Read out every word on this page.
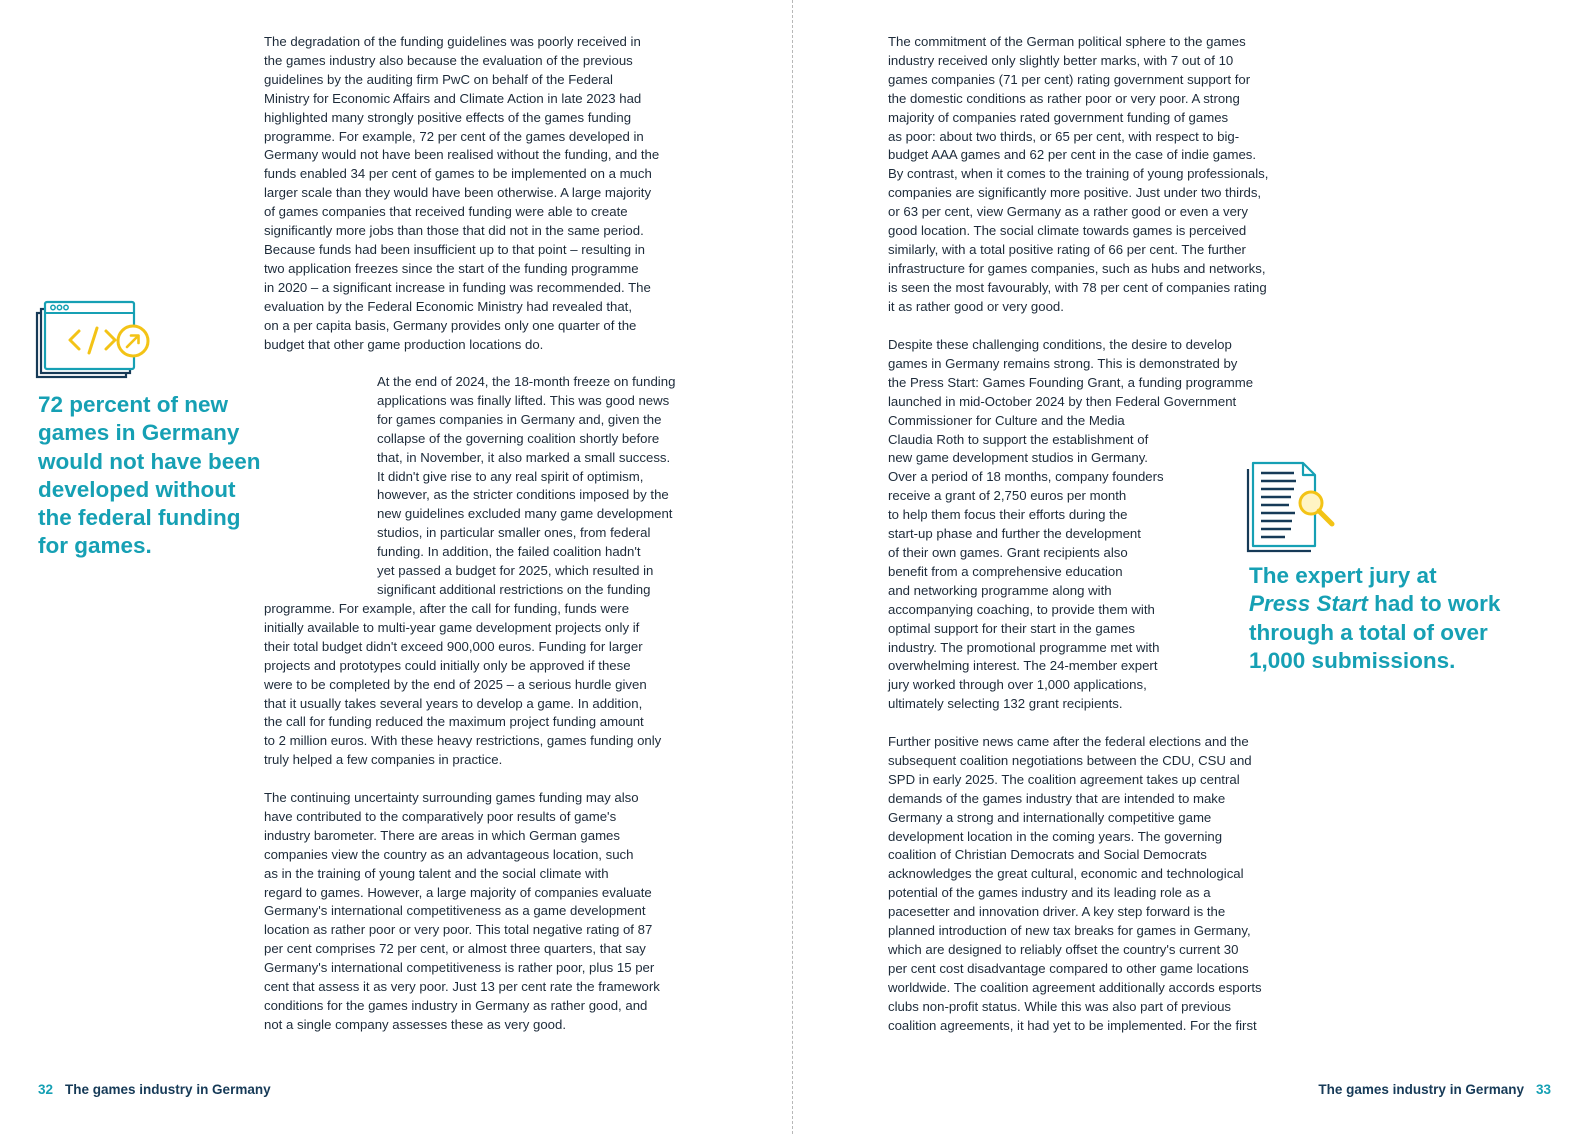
The degradation of the funding guidelines was poorly received in
the games industry also because the evaluation of the previous
guidelines by the auditing firm PwC on behalf of the Federal
Ministry for Economic Affairs and Climate Action in late 2023 had
highlighted many strongly positive effects of the games funding
programme. For example, 72 per cent of the games developed in
Germany would not have been realised without the funding, and the
funds enabled 34 per cent of games to be implemented on a much
larger scale than they would have been otherwise. A large majority
of games companies that received funding were able to create
significantly more jobs than those that did not in the same period.
Because funds had been insufficient up to that point – resulting in
two application freezes since the start of the funding programme
in 2020 – a significant increase in funding was recommended. The
evaluation by the Federal Economic Ministry had revealed that,
on a per capita basis, Germany provides only one quarter of the
budget that other game production locations do.

At the end of 2024, the 18-month freeze on funding
applications was finally lifted. This was good news
for games companies in Germany and, given the
collapse of the governing coalition shortly before
that, in November, it also marked a small success.
It didn't give rise to any real spirit of optimism,
however, as the stricter conditions imposed by the
new guidelines excluded many game development
studios, in particular smaller ones, from federal
funding. In addition, the failed coalition hadn't
yet passed a budget for 2025, which resulted in
significant additional restrictions on the funding

programme. For example, after the call for funding, funds were
initially available to multi-year game development projects only if
their total budget didn't exceed 900,000 euros. Funding for larger
projects and prototypes could initially only be approved if these
were to be completed by the end of 2025 – a serious hurdle given
that it usually takes several years to develop a game. In addition,
the call for funding reduced the maximum project funding amount
to 2 million euros. With these heavy restrictions, games funding only
truly helped a few companies in practice.

The continuing uncertainty surrounding games funding may also
have contributed to the comparatively poor results of game's
industry barometer. There are areas in which German games
companies view the country as an advantageous location, such
as in the training of young talent and the social climate with
regard to games. However, a large majority of companies evaluate
Germany's international competitiveness as a game development
location as rather poor or very poor. This total negative rating of 87
per cent comprises 72 per cent, or almost three quarters, that say
Germany's international competitiveness is rather poor, plus 15 per
cent that assess it as very poor. Just 13 per cent rate the framework
conditions for the games industry in Germany as rather good, and
not a single company assesses these as very good.

72 percent of new
games in Germany
would not have been
developed without
the federal funding
for games.

32 The games industry in Germany

The commitment of the German political sphere to the games
industry received only slightly better marks, with 7 out of 10
games companies (71 per cent) rating government support for
the domestic conditions as rather poor or very poor. A strong
majority of companies rated government funding of games
as poor: about two thirds, or 65 per cent, with respect to big-
budget AAA games and 62 per cent in the case of indie games.
By contrast, when it comes to the training of young professionals,
companies are significantly more positive. Just under two thirds,
or 63 per cent, view Germany as a rather good or even a very
good location. The social climate towards games is perceived
similarly, with a total positive rating of 66 per cent. The further
infrastructure for games companies, such as hubs and networks,
is seen the most favourably, with 78 per cent of companies rating
it as rather good or very good.

Despite these challenging conditions, the desire to develop
games in Germany remains strong. This is demonstrated by
the Press Start: Games Founding Grant, a funding programme
launched in mid-October 2024 by then Federal Government
Commissioner for Culture and the Media
Claudia Roth to support the establishment of
new game development studios in Germany.
Over a period of 18 months, company founders
receive a grant of 2,750 euros per month
to help them focus their efforts during the
start-up phase and further the development
of their own games. Grant recipients also
benefit from a comprehensive education
and networking programme along with
accompanying coaching, to provide them with
optimal support for their start in the games
industry. The promotional programme met with
overwhelming interest. The 24-member expert
jury worked through over 1,000 applications,
ultimately selecting 132 grant recipients.

Further positive news came after the federal elections and the
subsequent coalition negotiations between the CDU, CSU and
SPD in early 2025. The coalition agreement takes up central
demands of the games industry that are intended to make
Germany a strong and internationally competitive game
development location in the coming years. The governing
coalition of Christian Democrats and Social Democrats
acknowledges the great cultural, economic and technological
potential of the games industry and its leading role as a
pacesetter and innovation driver. A key step forward is the
planned introduction of new tax breaks for games in Germany,
which are designed to reliably offset the country's current 30
per cent cost disadvantage compared to other game locations
worldwide. The coalition agreement additionally accords esports
clubs non-profit status. While this was also part of previous
coalition agreements, it had yet to be implemented. For the first

The expert jury at
Press Start had to work
through a total of over
1,000 submissions.

The games industry in Germany 33
